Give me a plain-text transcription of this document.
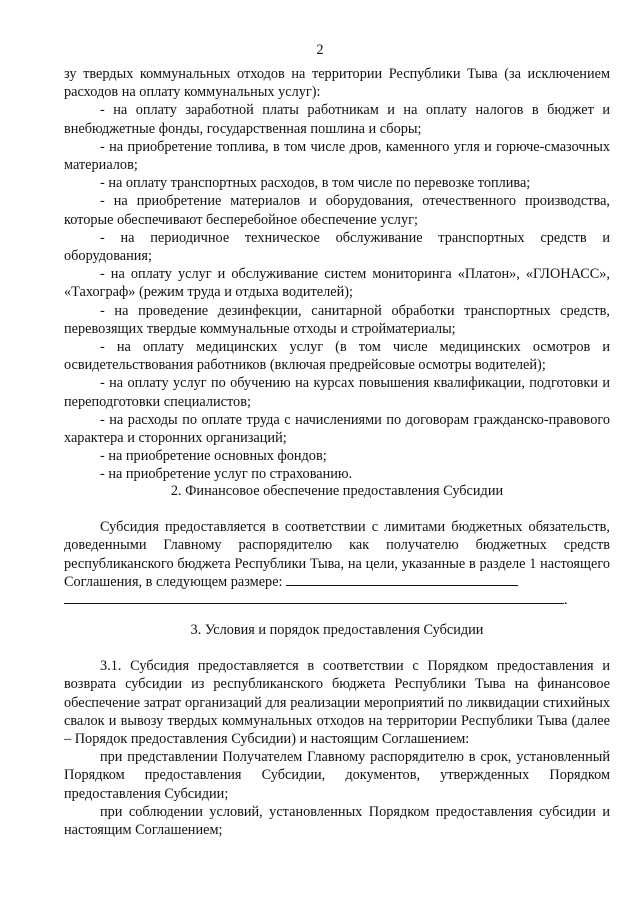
2

зу твердых коммунальных отходов на территории Республики Тыва (за исключением расходов на оплату коммунальных услуг):

- на оплату заработной платы работникам и на оплату налогов в бюджет и внебюджетные фонды, государственная пошлина и сборы;

- на приобретение топлива, в том числе дров, каменного угля и горюче-смазочных материалов;

- на оплату транспортных расходов, в том числе по перевозке топлива;

- на приобретение материалов и оборудования, отечественного производства, которые обеспечивают бесперебойное обеспечение услуг;

- на периодичное техническое обслуживание транспортных средств и оборудования;

- на оплату услуг и обслуживание систем мониторинга «Платон», «ГЛОНАСС», «Тахограф» (режим труда и отдыха водителей);

- на проведение дезинфекции, санитарной обработки транспортных средств, перевозящих твердые коммунальные отходы и стройматериалы;

- на оплату медицинских услуг (в том числе медицинских осмотров и освидетельствования работников (включая предрейсовые осмотры водителей);

- на оплату услуг по обучению на курсах повышения квалификации, подготовки и переподготовки специалистов;

- на расходы по оплате труда с начислениями по договорам гражданско-правового характера и сторонних организаций;

- на приобретение основных фондов;

- на приобретение услуг по страхованию.

2. Финансовое обеспечение предоставления Субсидии

Субсидия предоставляется в соответствии с лимитами бюджетных обязательств, доведенными Главному распорядителю как получателю бюджетных средств республиканского бюджета Республики Тыва, на цели, указанные в разделе 1 настоящего Соглашения, в следующем размере:

.

3. Условия и порядок предоставления Субсидии

3.1. Субсидия предоставляется в соответствии с Порядком предоставления и возврата субсидии из республиканского бюджета Республики Тыва на финансовое обеспечение затрат организаций для реализации мероприятий по ликвидации стихийных свалок и вывозу твердых коммунальных отходов на территории Республики Тыва (далее – Порядок предоставления Субсидии) и настоящим Соглашением:

при представлении Получателем Главному распорядителю в срок, установленный Порядком предоставления Субсидии, документов, утвержденных Порядком предоставления Субсидии;

при соблюдении условий, установленных Порядком предоставления субсидии и настоящим Соглашением;
